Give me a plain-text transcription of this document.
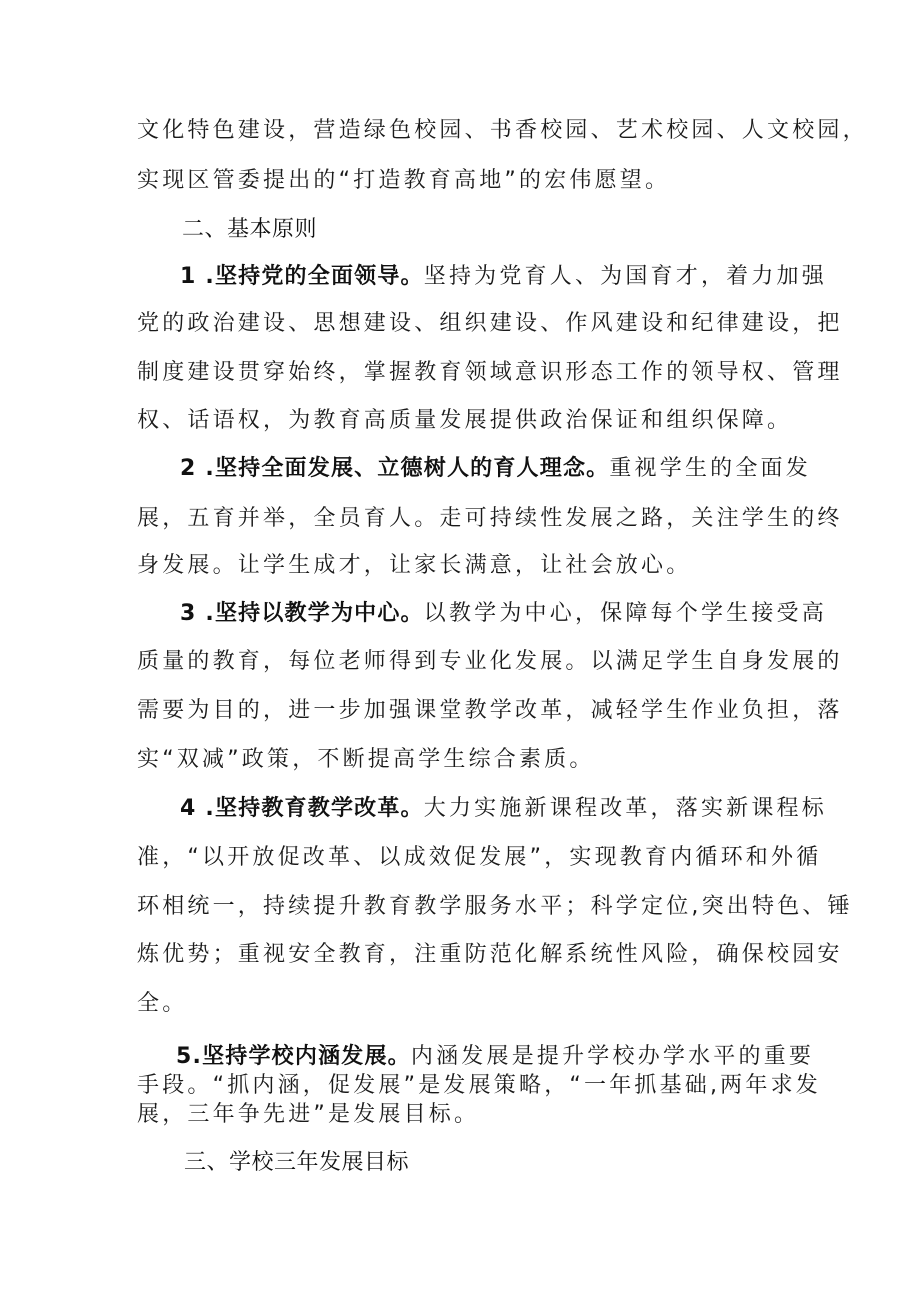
文化特色建设，营造绿色校园、书香校园、艺术校园、人文校园，
实现区管委提出的“打造教育高地”的宏伟愿望。
二、基本原则
1 .坚持党的全面领导。坚持为党育人、为国育才，着力加强
党的政治建设、思想建设、组织建设、作风建设和纪律建设，把
制度建设贯穿始终，掌握教育领域意识形态工作的领导权、管理
权、话语权，为教育高质量发展提供政治保证和组织保障。
2 .坚持全面发展、立德树人的育人理念。重视学生的全面发
展，五育并举，全员育人。走可持续性发展之路，关注学生的终
身发展。让学生成才，让家长满意，让社会放心。
3 .坚持以教学为中心。以教学为中心，保障每个学生接受高
质量的教育，每位老师得到专业化发展。以满足学生自身发展的
需要为目的，进一步加强课堂教学改革，减轻学生作业负担，落
实“双减”政策，不断提高学生综合素质。
4 .坚持教育教学改革。大力实施新课程改革，落实新课程标
准，“以开放促改革、以成效促发展”，实现教育内循环和外循
环相统一，持续提升教育教学服务水平；科学定位,突出特色、锤
炼优势；重视安全教育，注重防范化解系统性风险，确保校园安
全。
5.坚持学校内涵发展。内涵发展是提升学校办学水平的重要
手段。“抓内涵，促发展”是发展策略，“一年抓基础,两年求发
展，三年争先进”是发展目标。
三、学校三年发展目标
